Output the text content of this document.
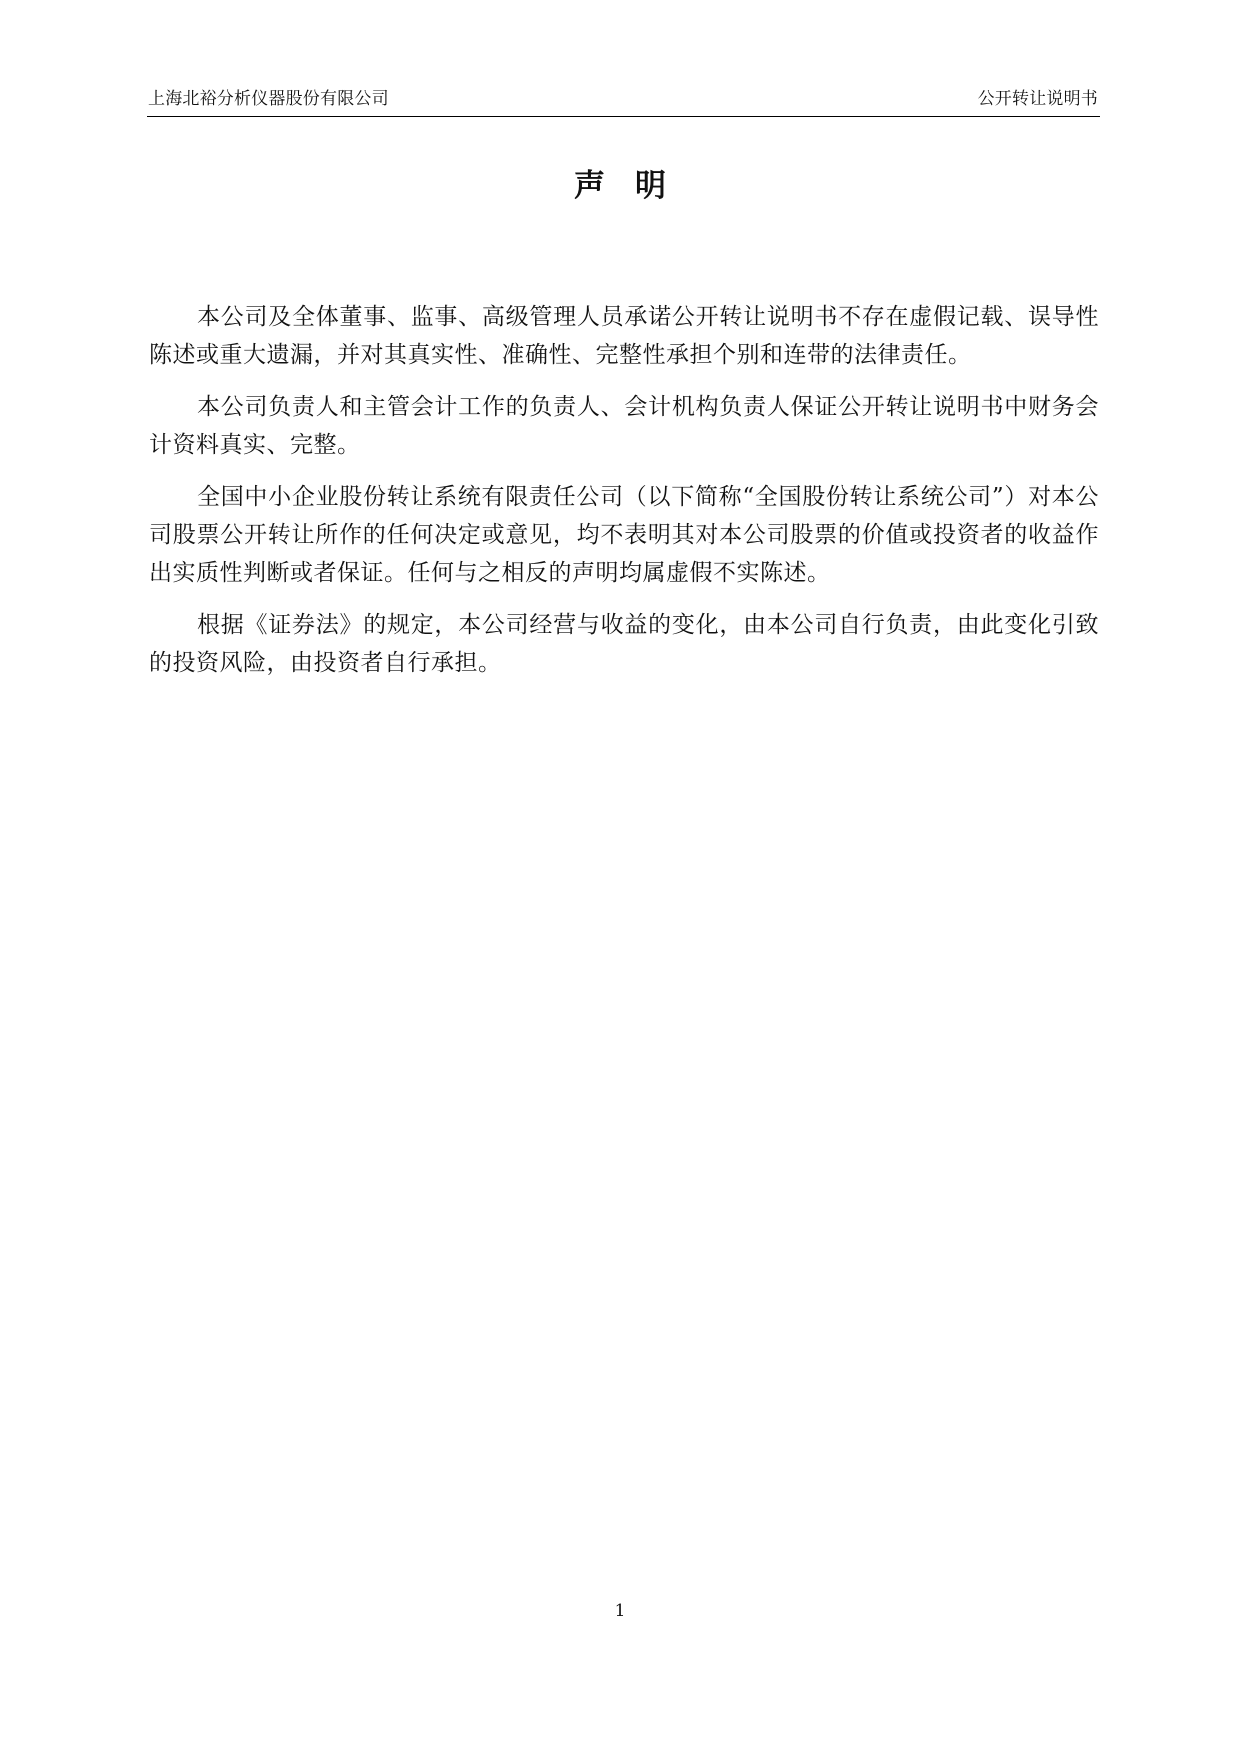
上海北裕分析仪器股份有限公司	公开转让说明书
声明

本公司及全体董事、监事、高级管理人员承诺公开转让说明书不存在虚假记载、误导性陈述或重大遗漏，并对其真实性、准确性、完整性承担个别和连带的法律责任。

本公司负责人和主管会计工作的负责人、会计机构负责人保证公开转让说明书中财务会计资料真实、完整。

全国中小企业股份转让系统有限责任公司（以下简称“全国股份转让系统公司”）对本公司股票公开转让所作的任何决定或意见，均不表明其对本公司股票的价值或投资者的收益作出实质性判断或者保证。任何与之相反的声明均属虚假不实陈述。

根据《证券法》的规定，本公司经营与收益的变化，由本公司自行负责，由此变化引致的投资风险，由投资者自行承担。

1
